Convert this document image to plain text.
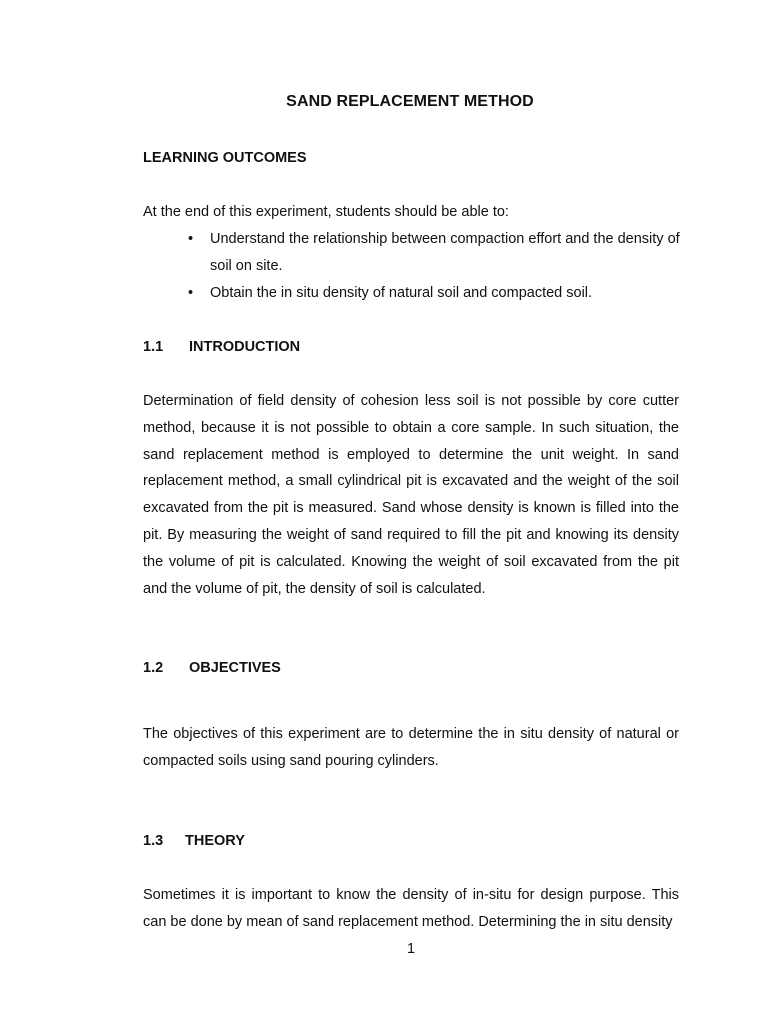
SAND REPLACEMENT METHOD
LEARNING OUTCOMES
At the end of this experiment, students should be able to:
• Understand the relationship between compaction effort and the density of soil on site.
• Obtain the in situ density of natural soil and compacted soil.
1.1 INTRODUCTION
Determination of field density of cohesion less soil is not possible by core cutter method, because it is not possible to obtain a core sample. In such situation, the sand replacement method is employed to determine the unit weight. In sand replacement method, a small cylindrical pit is excavated and the weight of the soil excavated from the pit is measured. Sand whose density is known is filled into the pit. By measuring the weight of sand required to fill the pit and knowing its density the volume of pit is calculated. Knowing the weight of soil excavated from the pit and the volume of pit, the density of soil is calculated.
1.2 OBJECTIVES
The objectives of this experiment are to determine the in situ density of natural or compacted soils using sand pouring cylinders.
1.3 THEORY
Sometimes it is important to know the density of in-situ for design purpose. This can be done by mean of sand replacement method. Determining the in situ density
1
